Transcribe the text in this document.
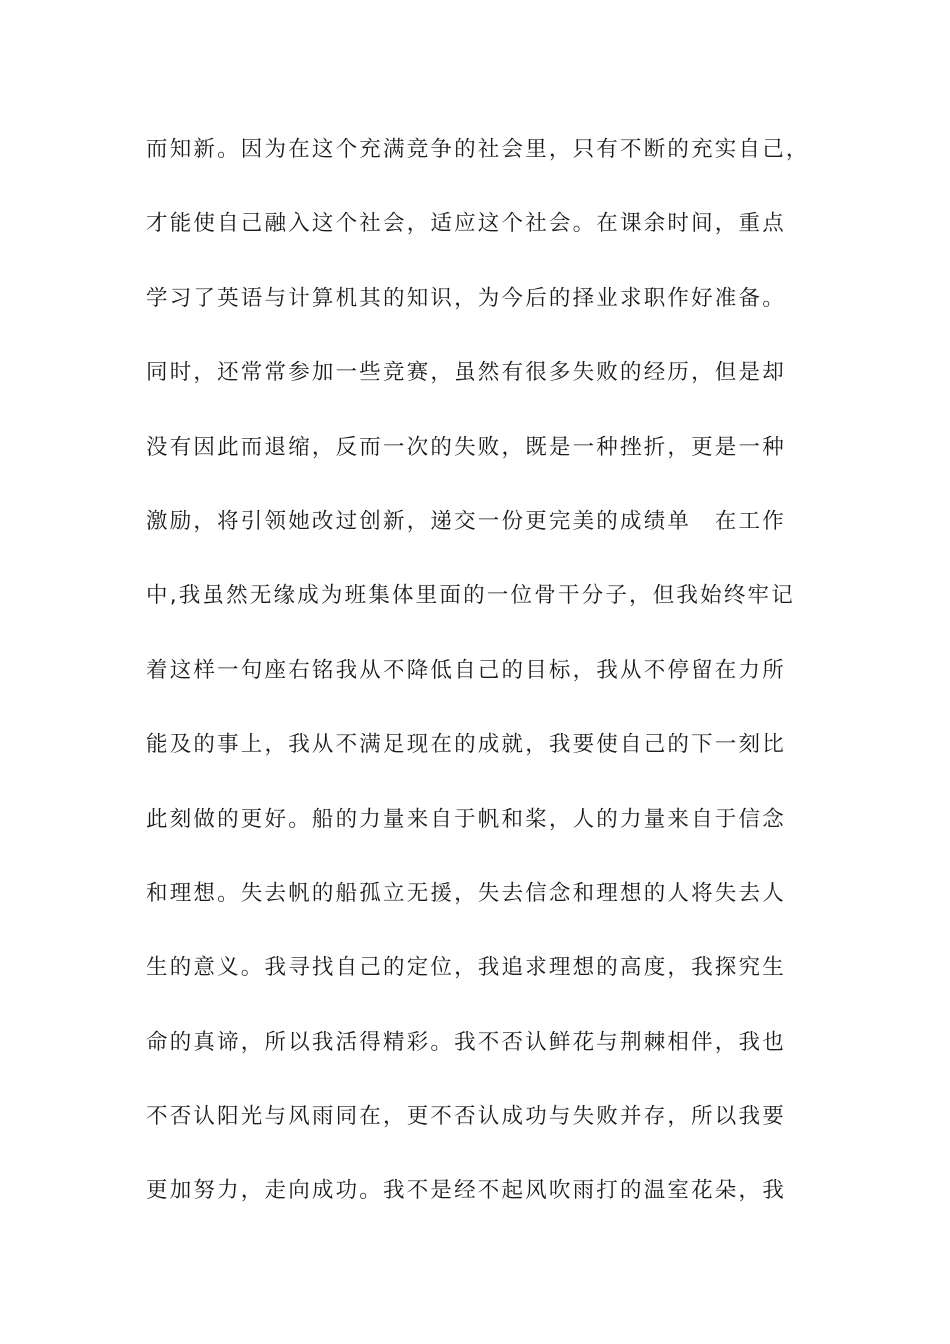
而知新。因为在这个充满竞争的社会里，只有不断的充实自己，
才能使自己融入这个社会，适应这个社会。在课余时间，重点
学习了英语与计算机其的知识，为今后的择业求职作好准备。
同时，还常常参加一些竞赛，虽然有很多失败的经历，但是却
没有因此而退缩，反而一次的失败，既是一种挫折，更是一种
激励，将引领她改过创新，递交一份更完美的成绩单　在工作
中,我虽然无缘成为班集体里面的一位骨干分子，但我始终牢记
着这样一句座右铭我从不降低自己的目标，我从不停留在力所
能及的事上，我从不满足现在的成就，我要使自己的下一刻比
此刻做的更好。船的力量来自于帆和桨，人的力量来自于信念
和理想。失去帆的船孤立无援，失去信念和理想的人将失去人
生的意义。我寻找自己的定位，我追求理想的高度，我探究生
命的真谛，所以我活得精彩。我不否认鲜花与荆棘相伴，我也
不否认阳光与风雨同在，更不否认成功与失败并存，所以我要
更加努力，走向成功。我不是经不起风吹雨打的温室花朵，我
